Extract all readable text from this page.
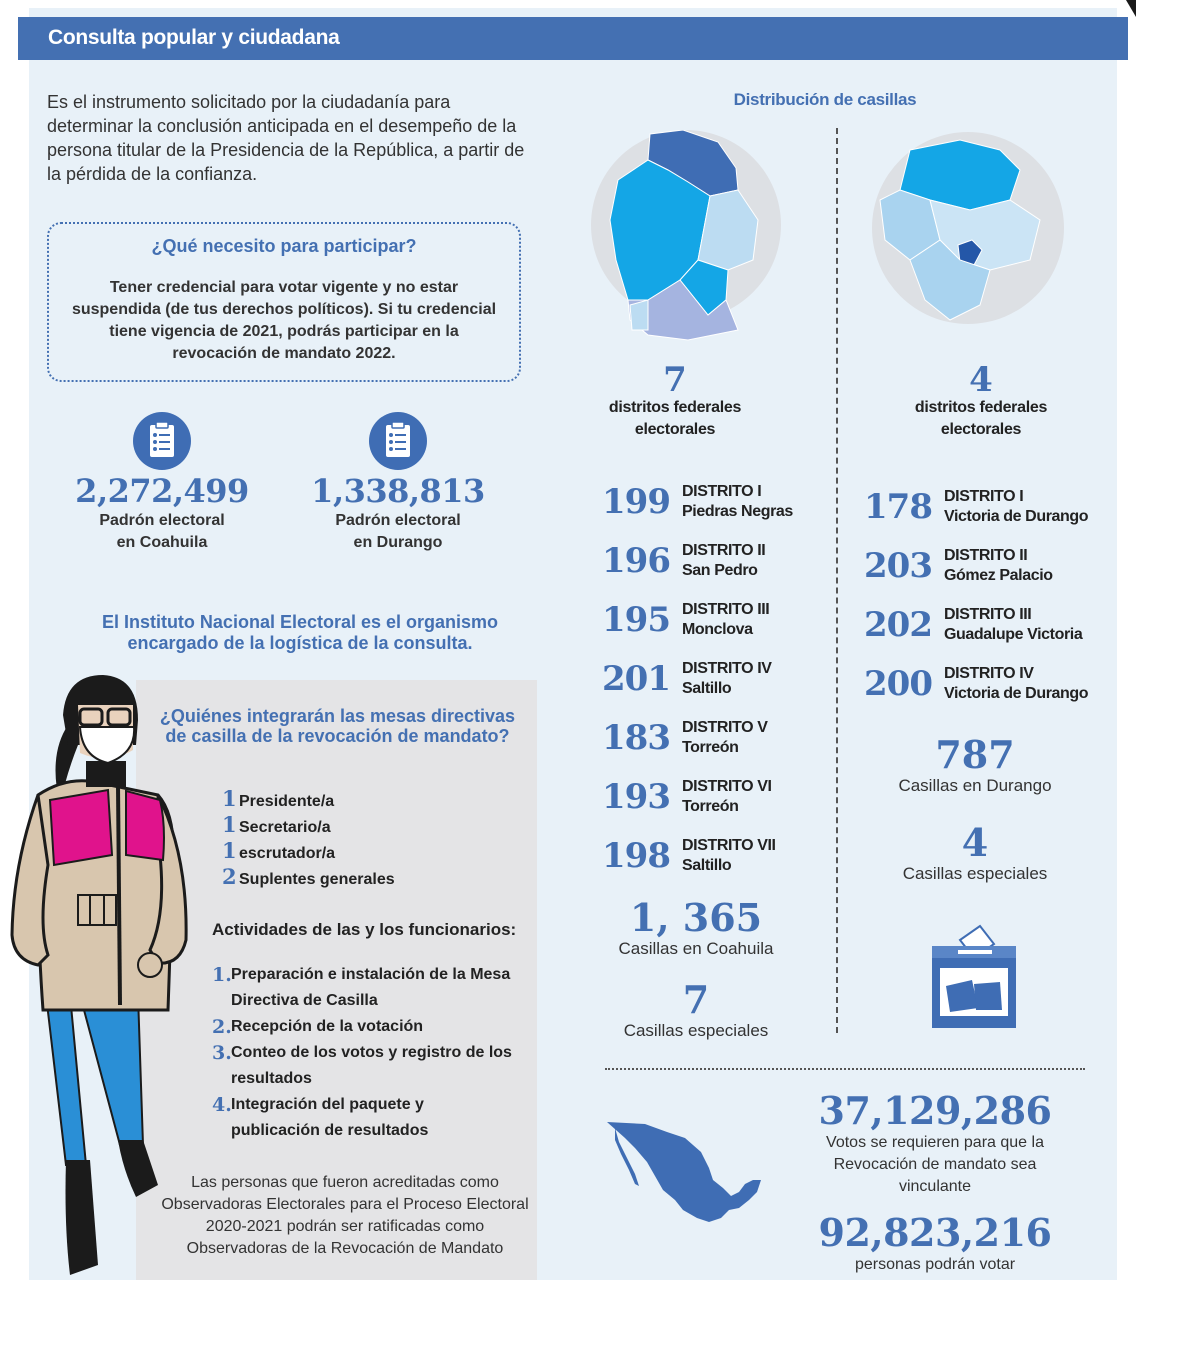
Consulta popular y ciudadana
Es el instrumento solicitado por la ciudadanía para determinar la conclusión anticipada en el desempeño de la persona titular de la Presidencia de la República, a partir de la pérdida de la confianza.
¿Qué necesito para participar?
Tener credencial para votar vigente y no estar suspendida (de tus derechos políticos). Si tu credencial tiene vigencia de 2021, podrás participar en la revocación de mandato 2022.
2,272,499
Padrón electoral en Coahuila
1,338,813
Padrón electoral en Durango
El Instituto Nacional Electoral es el organismo encargado de la logística de la consulta.
¿Quiénes integrarán las mesas directivas de casilla de la revocación de mandato?
1 Presidente/a
1 Secretario/a
1 escrutador/a
2 Suplentes generales
Actividades de las y los funcionarios:
1. Preparación e instalación de la Mesa Directiva de Casilla
2. Recepción de la votación
3. Conteo de los votos y registro de los resultados
4. Integración del paquete y publicación de resultados
Las personas que fueron acreditadas como Observadoras Electorales para el Proceso Electoral 2020-2021 podrán ser ratificadas como Observadoras de la Revocación de Mandato
Distribución de casillas
7
distritos federales electorales
4
distritos federales electorales
199 DISTRITO I
Piedras Negras
196 DISTRITO II
San Pedro
195 DISTRITO III
Monclova
201 DISTRITO IV
Saltillo
183 DISTRITO V
Torreón
193 DISTRITO VI
Torreón
198 DISTRITO VII
Saltillo
178 DISTRITO I
Victoria de Durango
203 DISTRITO II
Gómez Palacio
202 DISTRITO III
Guadalupe Victoria
200 DISTRITO IV
Victoria de Durango
1, 365
Casillas en Coahuila
7
Casillas especiales
787
Casillas en Durango
4
Casillas especiales
37,129,286
Votos se requieren para que la Revocación de mandato sea vinculante
92,823,216
personas podrán votar
